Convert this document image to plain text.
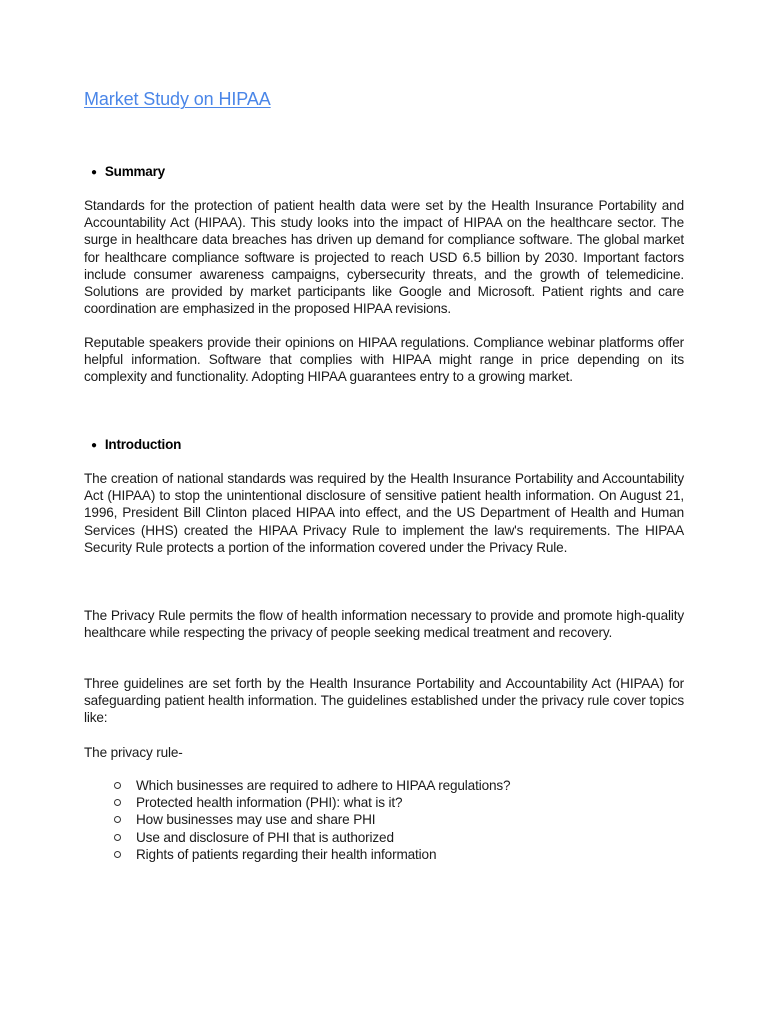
Market Study on HIPAA
● Summary

Standards for the protection of patient health data were set by the Health Insurance Portability and Accountability Act (HIPAA). This study looks into the impact of HIPAA on the healthcare sector. The surge in healthcare data breaches has driven up demand for compliance software. The global market for healthcare compliance software is projected to reach USD 6.5 billion by 2030. Important factors include consumer awareness campaigns, cybersecurity threats, and the growth of telemedicine. Solutions are provided by market participants like Google and Microsoft. Patient rights and care coordination are emphasized in the proposed HIPAA revisions.

Reputable speakers provide their opinions on HIPAA regulations. Compliance webinar platforms offer helpful information. Software that complies with HIPAA might range in price depending on its complexity and functionality. Adopting HIPAA guarantees entry to a growing market.

● Introduction

The creation of national standards was required by the Health Insurance Portability and Accountability Act (HIPAA) to stop the unintentional disclosure of sensitive patient health information. On August 21, 1996, President Bill Clinton placed HIPAA into effect, and the US Department of Health and Human Services (HHS) created the HIPAA Privacy Rule to implement the law's requirements. The HIPAA Security Rule protects a portion of the information covered under the Privacy Rule.

The Privacy Rule permits the flow of health information necessary to provide and promote high-quality healthcare while respecting the privacy of people seeking medical treatment and recovery.

Three guidelines are set forth by the Health Insurance Portability and Accountability Act (HIPAA) for safeguarding patient health information. The guidelines established under the privacy rule cover topics like:

The privacy rule-

Which businesses are required to adhere to HIPAA regulations?
Protected health information (PHI): what is it?
How businesses may use and share PHI
Use and disclosure of PHI that is authorized
Rights of patients regarding their health information
